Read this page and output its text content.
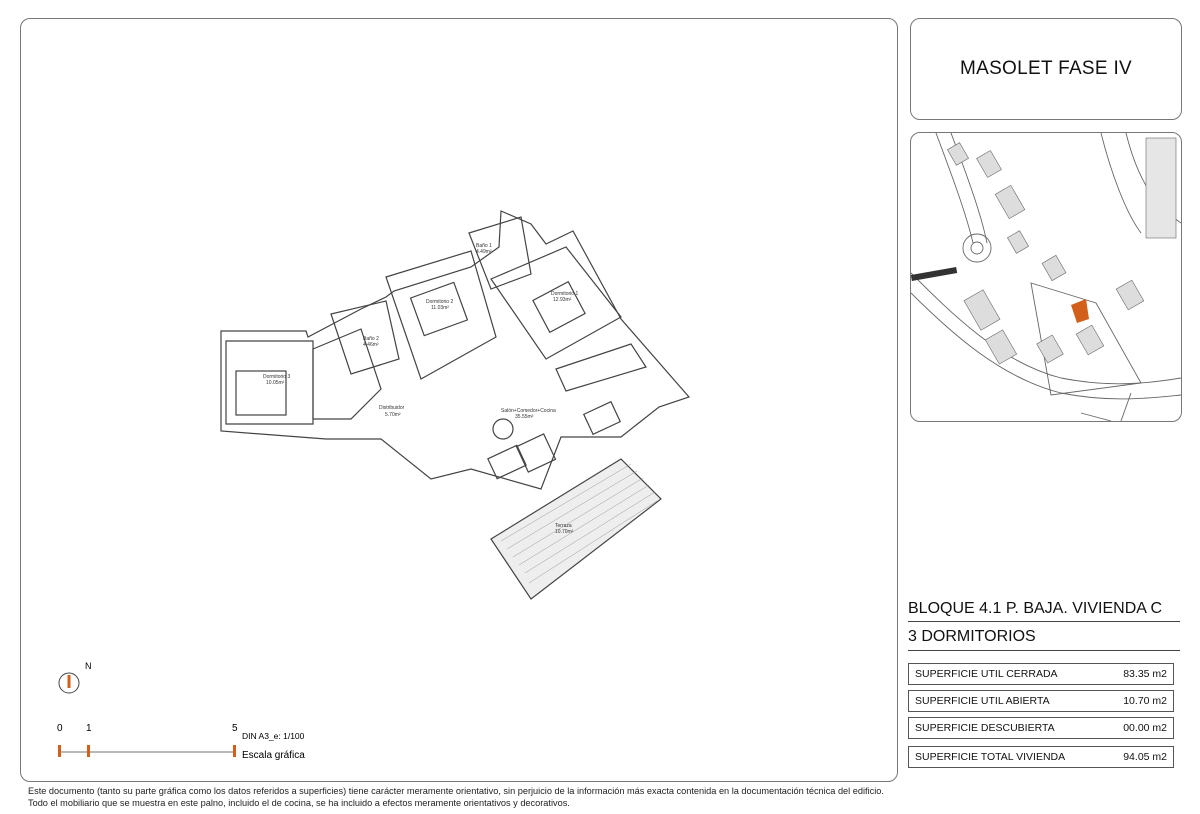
Baño 1
4.49m²
Dormitorio 1
12.93m²
Dormitorio 2
11.03m²
Baño 2
4.46m²
Dormitorio 3
10.05m²
Distribuidor
5.70m²
Salón+Comedor+Cocina
35.55m²
Terraza
10.70m²
N
0 1	5
DIN A3_e: 1/100
Escala gráfica
MASOLET FASE IV
BLOQUE 4.1 P. BAJA. VIVIENDA C
3 DORMITORIOS
SUPERFICIE UTIL CERRADA	83.35 m2
SUPERFICIE UTIL ABIERTA	10.70 m2
SUPERFICIE DESCUBIERTA	00.00 m2
SUPERFICIE TOTAL VIVIENDA	94.05 m2
Este documento (tanto su parte gráfica como los datos referidos a superficies) tiene carácter meramente orientativo, sin perjuicio de la información más exacta contenida en la documentación técnica del edificio.
Todo el mobiliario que se muestra en este palno, incluido el de cocina, se ha incluido a efectos meramente orientativos y decorativos.
